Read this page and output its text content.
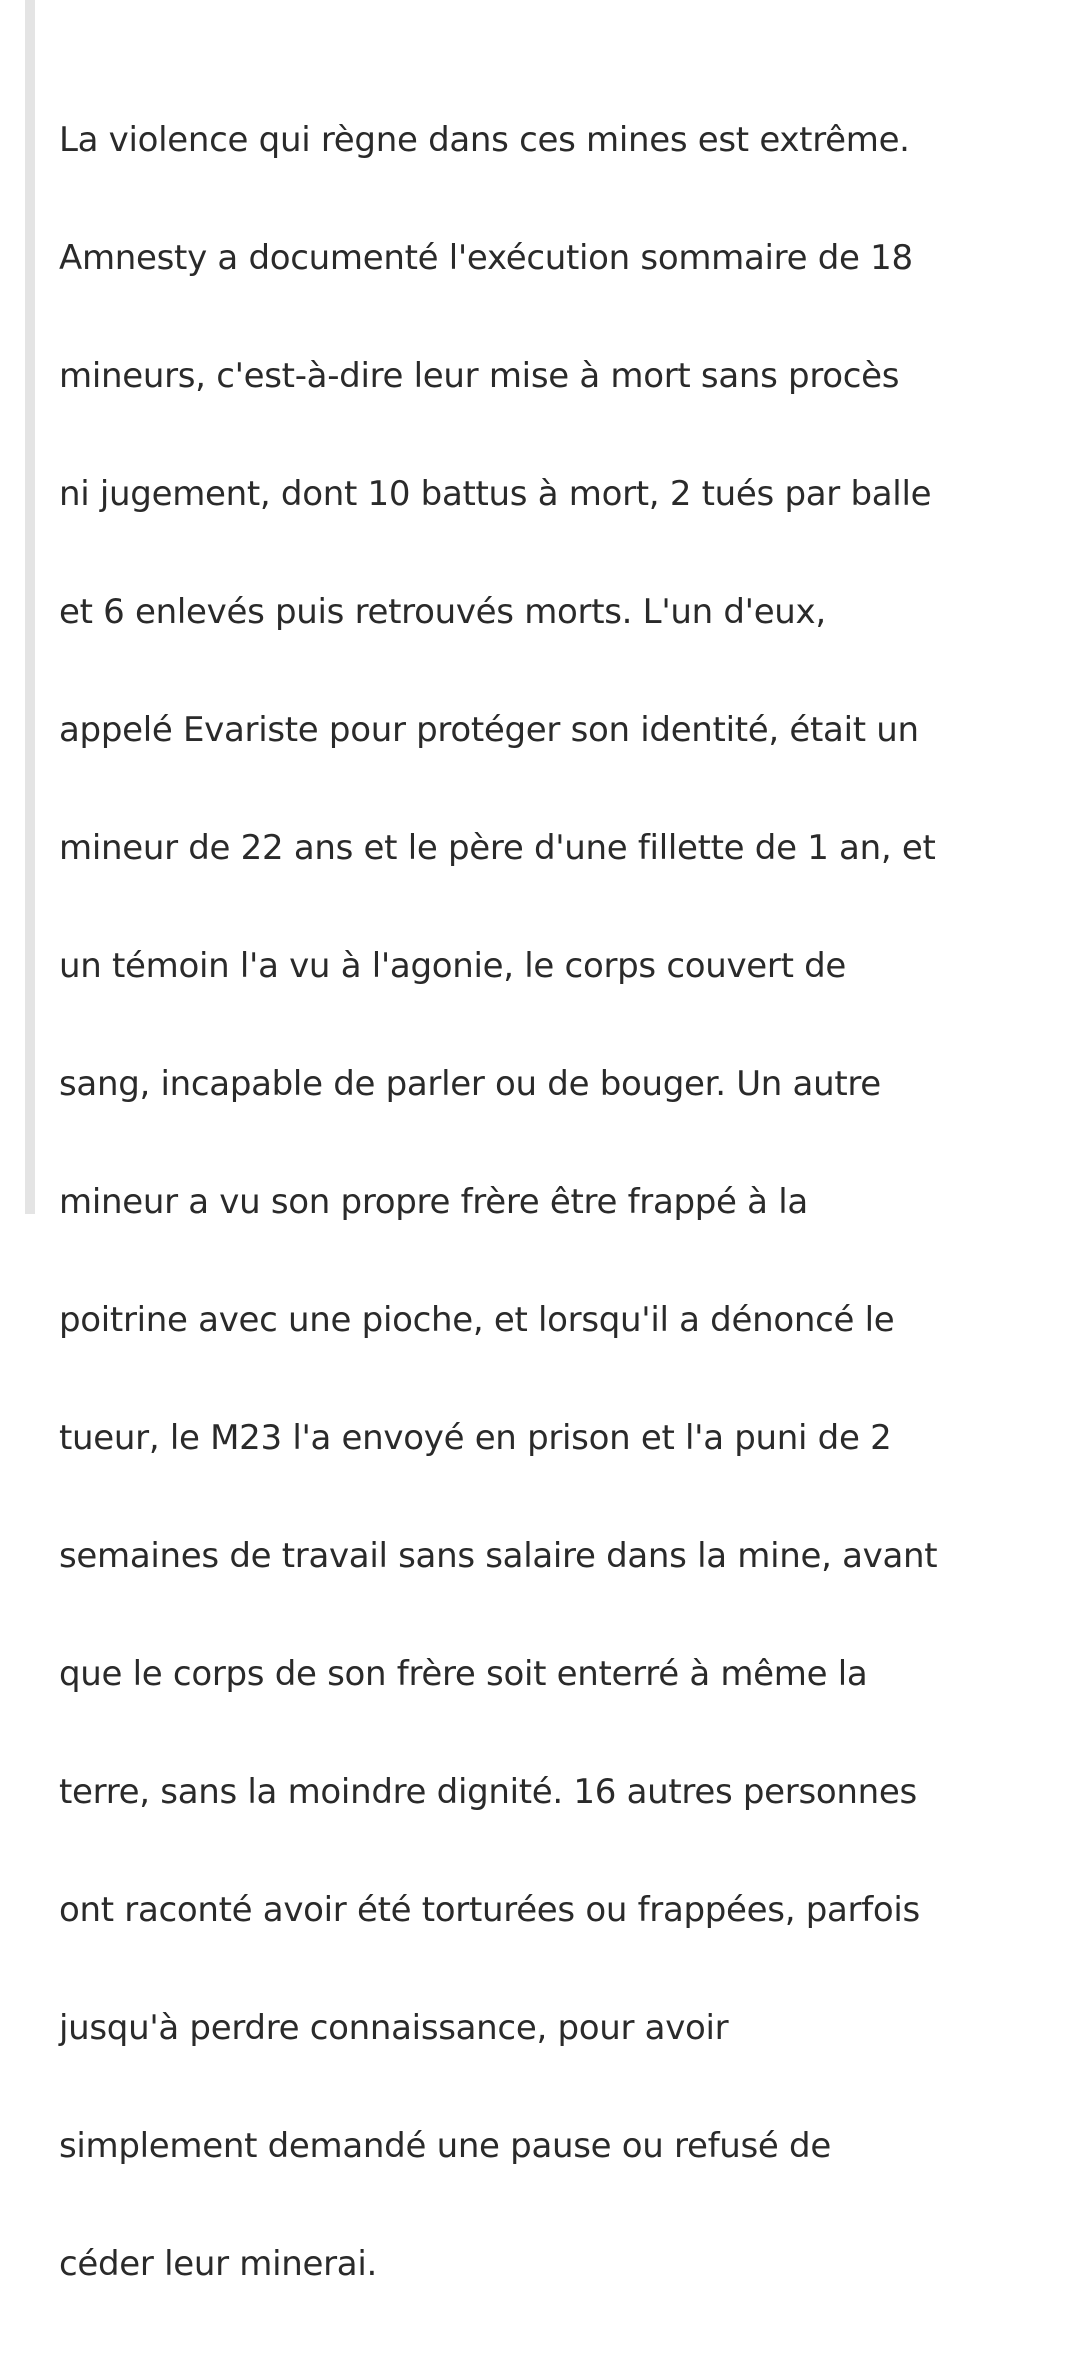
La violence qui règne dans ces mines est extrême.

Amnesty a documenté l'exécution sommaire de 18

mineurs, c'est-à-dire leur mise à mort sans procès

ni jugement, dont 10 battus à mort, 2 tués par balle

et 6 enlevés puis retrouvés morts. L'un d'eux,

appelé Evariste pour protéger son identité, était un

mineur de 22 ans et le père d'une fillette de 1 an, et

un témoin l'a vu à l'agonie, le corps couvert de

sang, incapable de parler ou de bouger. Un autre

mineur a vu son propre frère être frappé à la

poitrine avec une pioche, et lorsqu'il a dénoncé le

tueur, le M23 l'a envoyé en prison et l'a puni de 2

semaines de travail sans salaire dans la mine, avant

que le corps de son frère soit enterré à même la

terre, sans la moindre dignité. 16 autres personnes

ont raconté avoir été torturées ou frappées, parfois

jusqu'à perdre connaissance, pour avoir

simplement demandé une pause ou refusé de

céder leur minerai.
